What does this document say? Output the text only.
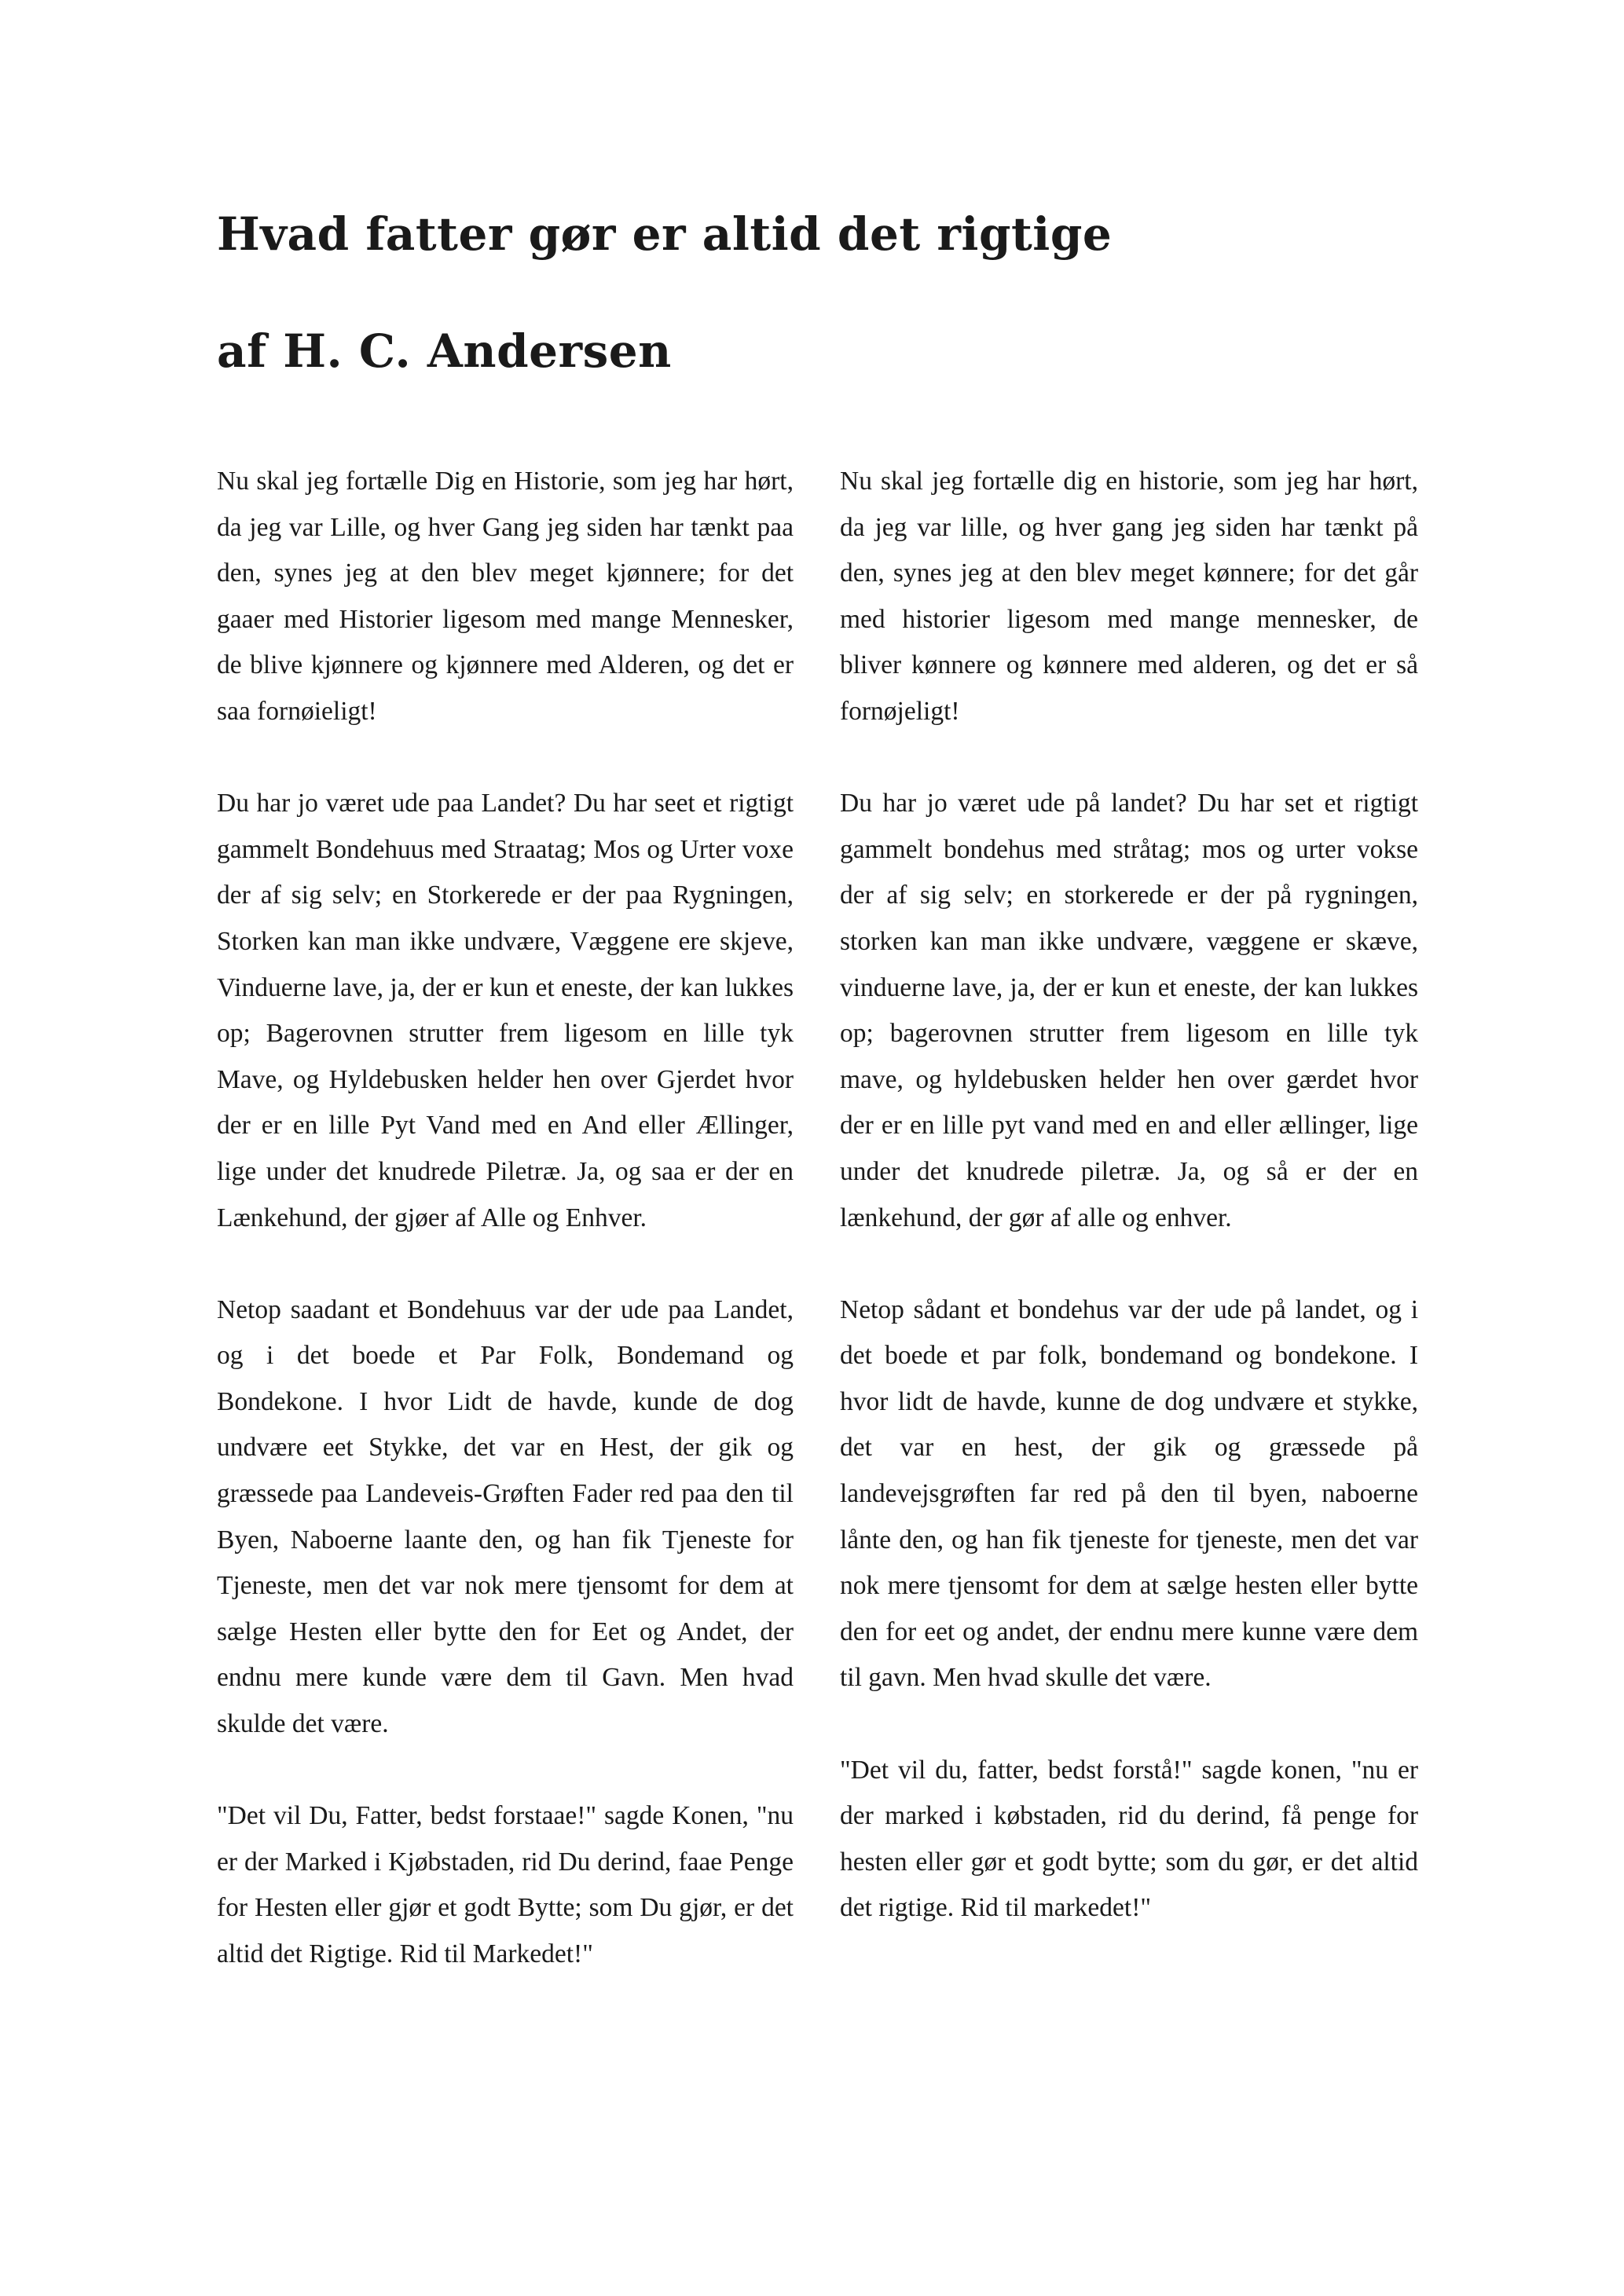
Hvad fatter gør er altid det rigtige
af H. C. Andersen

Nu skal jeg fortælle Dig en Historie, som jeg har hørt, da jeg var Lille, og hver Gang jeg siden har tænkt paa den, synes jeg at den blev meget kjønnere; for det gaaer med Historier ligesom med mange Mennesker, de blive kjønnere og kjønnere med Alderen, og det er saa fornøieligt!

Du har jo været ude paa Landet? Du har seet et rigtigt gammelt Bondehuus med Straatag; Mos og Urter voxe der af sig selv; en Storkerede er der paa Rygningen, Storken kan man ikke undvære, Væggene ere skjeve, Vinduerne lave, ja, der er kun et eneste, der kan lukkes op; Bagerovnen strutter frem ligesom en lille tyk Mave, og Hyldebusken helder hen over Gjerdet hvor der er en lille Pyt Vand med en And eller Ællinger, lige under det knudrede Piletræ. Ja, og saa er der en Lænkehund, der gjøer af Alle og Enhver.

Netop saadant et Bondehuus var der ude paa Landet, og i det boede et Par Folk, Bondemand og Bondekone. I hvor Lidt de havde, kunde de dog undvære eet Stykke, det var en Hest, der gik og græssede paa Landeveis-Grøften Fader red paa den til Byen, Naboerne laante den, og han fik Tjeneste for Tjeneste, men det var nok mere tjensomt for dem at sælge Hesten eller bytte den for Eet og Andet, der endnu mere kunde være dem til Gavn. Men hvad skulde det være.

"Det vil Du, Fatter, bedst forstaae!" sagde Konen, "nu er der Marked i Kjøbstaden, rid Du derind, faae Penge for Hesten eller gjør et godt Bytte; som Du gjør, er det altid det Rigtige. Rid til Markedet!"

Nu skal jeg fortælle dig en historie, som jeg har hørt, da jeg var lille, og hver gang jeg siden har tænkt på den, synes jeg at den blev meget kønnere; for det går med historier ligesom med mange mennesker, de bliver kønnere og kønnere med alderen, og det er så fornøjeligt!

Du har jo været ude på landet? Du har set et rigtigt gammelt bondehus med stråtag; mos og urter vokse der af sig selv; en storkerede er der på rygningen, storken kan man ikke undvære, væggene er skæve, vinduerne lave, ja, der er kun et eneste, der kan lukkes op; bagerovnen strutter frem ligesom en lille tyk mave, og hyldebusken helder hen over gærdet hvor der er en lille pyt vand med en and eller ællinger, lige under det knudrede piletræ. Ja, og så er der en lænkehund, der gør af alle og enhver.

Netop sådant et bondehus var der ude på landet, og i det boede et par folk, bondemand og bondekone. I hvor lidt de havde, kunne de dog undvære et stykke, det var en hest, der gik og græssede på landevejsgrøften far red på den til byen, naboerne lånte den, og han fik tjeneste for tjeneste, men det var nok mere tjensomt for dem at sælge hesten eller bytte den for eet og andet, der endnu mere kunne være dem til gavn. Men hvad skulle det være.

"Det vil du, fatter, bedst forstå!" sagde konen, "nu er der marked i købstaden, rid du derind, få penge for hesten eller gør et godt bytte; som du gør, er det altid det rigtige. Rid til markedet!"
